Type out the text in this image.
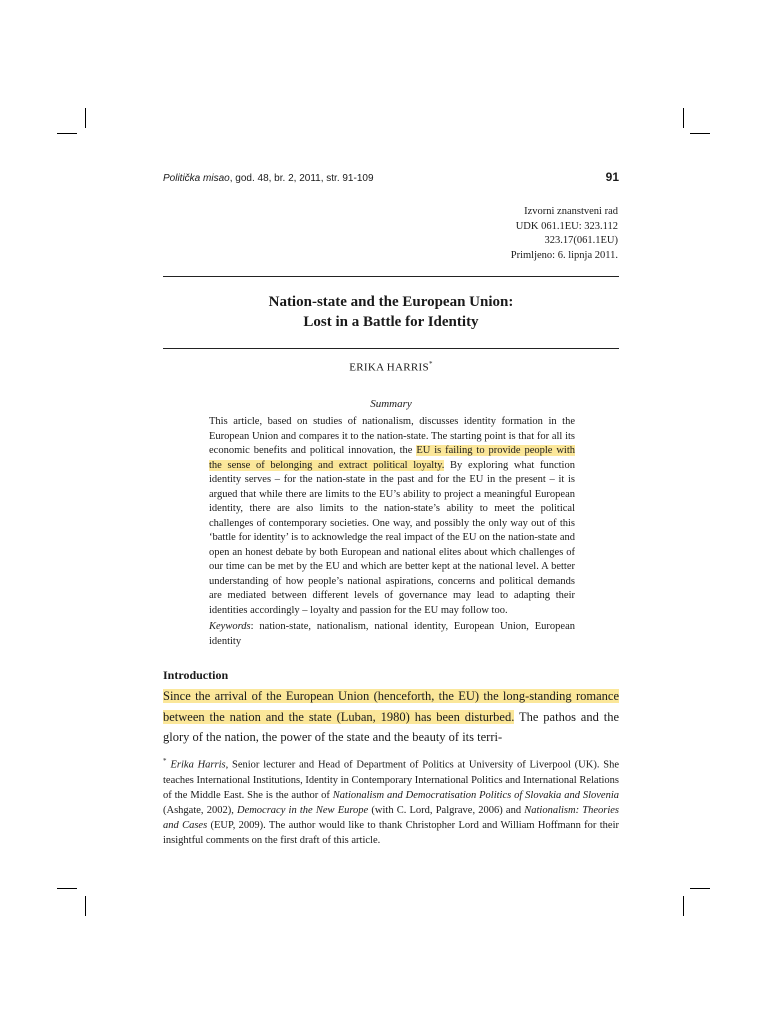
Politička misao, god. 48, br. 2, 2011, str. 91-109	91
Izvorni znanstveni rad
UDK 061.1EU: 323.112
323.17(061.1EU)
Primljeno: 6. lipnja 2011.
Nation-state and the European Union:
Lost in a Battle for Identity
ERIKA HARRIS*
Summary

This article, based on studies of nationalism, discusses identity formation in the European Union and compares it to the nation-state. The starting point is that for all its economic benefits and political innovation, the EU is failing to provide people with the sense of belonging and extract political loyalty. By exploring what function identity serves – for the nation-state in the past and for the EU in the present – it is argued that while there are limits to the EU’s ability to project a meaningful European identity, there are also limits to the nation-state’s ability to meet the political challenges of contemporary societies. One way, and possibly the only way out of this ‘battle for identity’ is to acknowledge the real impact of the EU on the nation-state and open an honest debate by both European and national elites about which challenges of our time can be met by the EU and which are better kept at the national level. A better understanding of how people’s national aspirations, concerns and political demands are mediated between different levels of governance may lead to adapting their identities accordingly – loyalty and passion for the EU may follow too.

Keywords: nation-state, nationalism, national identity, European Union, European identity

Introduction

Since the arrival of the European Union (henceforth, the EU) the long-standing romance between the nation and the state (Luban, 1980) has been disturbed. The pathos and the glory of the nation, the power of the state and the beauty of its terri-

* Erika Harris, Senior lecturer and Head of Department of Politics at University of Liverpool (UK). She teaches International Institutions, Identity in Contemporary International Politics and International Relations of the Middle East. She is the author of Nationalism and Democratisation Politics of Slovakia and Slovenia (Ashgate, 2002), Democracy in the New Europe (with C. Lord, Palgrave, 2006) and Nationalism: Theories and Cases (EUP, 2009). The author would like to thank Christopher Lord and William Hoffmann for their insightful comments on the first draft of this article.
